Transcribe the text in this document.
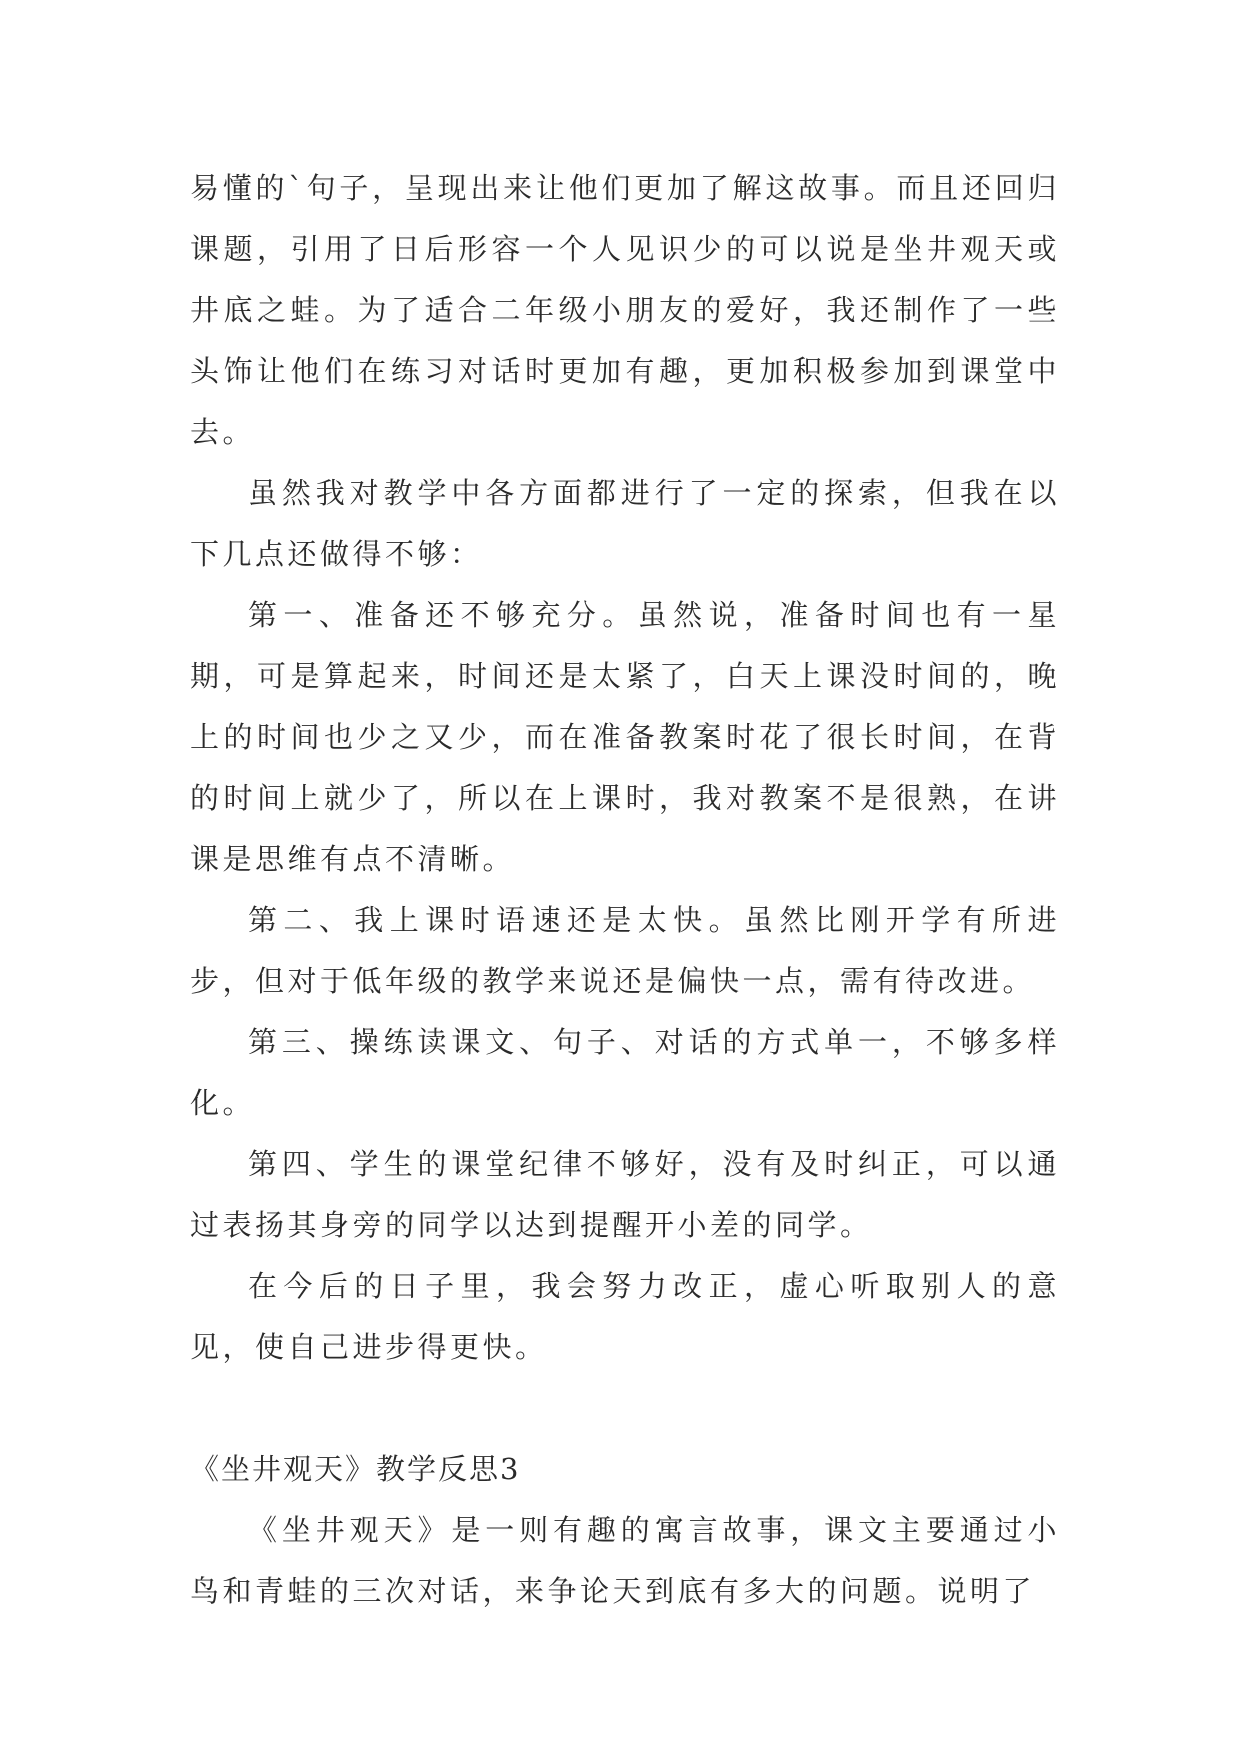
易懂的`句子，呈现出来让他们更加了解这故事。而且还回归课题，引用了日后形容一个人见识少的可以说是坐井观天或井底之蛙。为了适合二年级小朋友的爱好，我还制作了一些头饰让他们在练习对话时更加有趣，更加积极参加到课堂中去。

虽然我对教学中各方面都进行了一定的探索，但我在以下几点还做得不够：

第一、准备还不够充分。虽然说，准备时间也有一星期，可是算起来，时间还是太紧了，白天上课没时间的，晚上的时间也少之又少，而在准备教案时花了很长时间，在背的时间上就少了，所以在上课时，我对教案不是很熟，在讲课是思维有点不清晰。

第二、我上课时语速还是太快。虽然比刚开学有所进步，但对于低年级的教学来说还是偏快一点，需有待改进。

第三、操练读课文、句子、对话的方式单一，不够多样化。

第四、学生的课堂纪律不够好，没有及时纠正，可以通过表扬其身旁的同学以达到提醒开小差的同学。

在今后的日子里，我会努力改正，虚心听取别人的意见，使自己进步得更快。

《坐井观天》教学反思3

《坐井观天》是一则有趣的寓言故事，课文主要通过小鸟和青蛙的三次对话，来争论天到底有多大的问题。说明了
